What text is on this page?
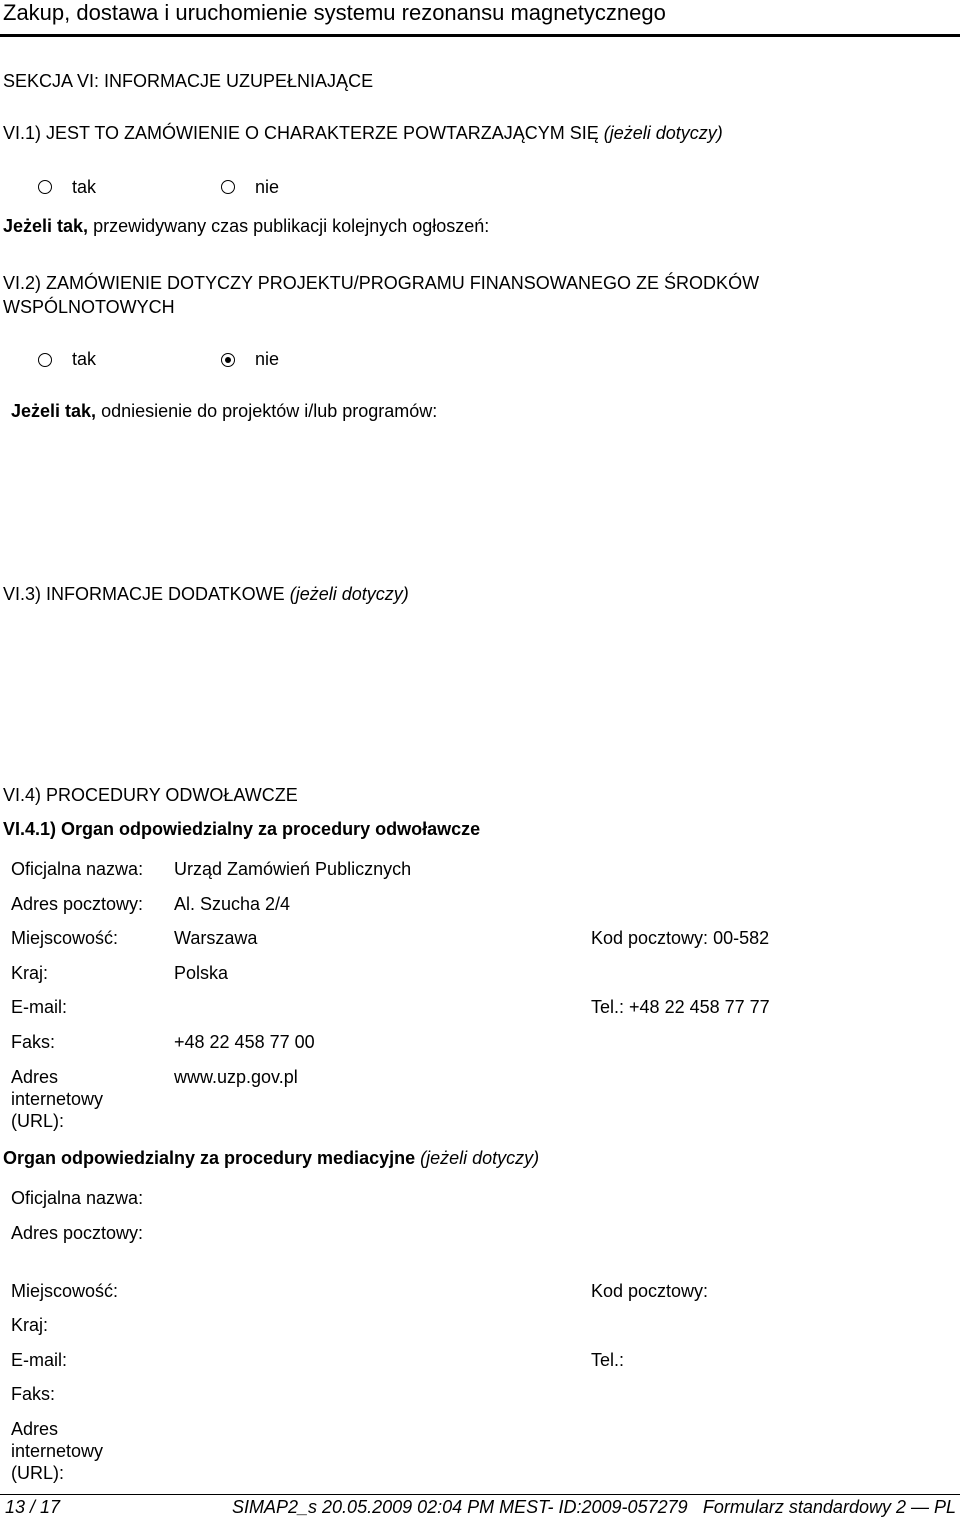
Zakup, dostawa i uruchomienie systemu rezonansu magnetycznego
SEKCJA VI: INFORMACJE UZUPEŁNIAJĄCE
VI.1) JEST TO ZAMÓWIENIE O CHARAKTERZE POWTARZAJĄCYM SIĘ (jeżeli dotyczy)
tak	nie
Jeżeli tak, przewidywany czas publikacji kolejnych ogłoszeń:
VI.2) ZAMÓWIENIE DOTYCZY PROJEKTU/PROGRAMU FINANSOWANEGO ZE ŚRODKÓW
WSPÓLNOTOWYCH
tak	nie
Jeżeli tak, odniesienie do projektów i/lub programów:
VI.3) INFORMACJE DODATKOWE (jeżeli dotyczy)
VI.4) PROCEDURY ODWOŁAWCZE
VI.4.1) Organ odpowiedzialny za procedury odwoławcze
Oficjalna nazwa: Urząd Zamówień Publicznych
Adres pocztowy: Al. Szucha 2/4
Miejscowość:	Warszawa	Kod pocztowy: 00-582
Kraj:	Polska
E-mail:	Tel.: +48 22 458 77 77
Faks:	+48 22 458 77 00
Adres internetowy (URL):
www.uzp.gov.pl
Organ odpowiedzialny za procedury mediacyjne (jeżeli dotyczy)
Oficjalna nazwa:
Adres pocztowy:
Miejscowość:	Kod pocztowy:
Kraj:
E-mail:	Tel.:
Faks:
Adres internetowy (URL):
13 / 17	SIMAP2_s 20.05.2009 02:04 PM MEST- ID:2009-057279 Formularz standardowy 2 — PL
